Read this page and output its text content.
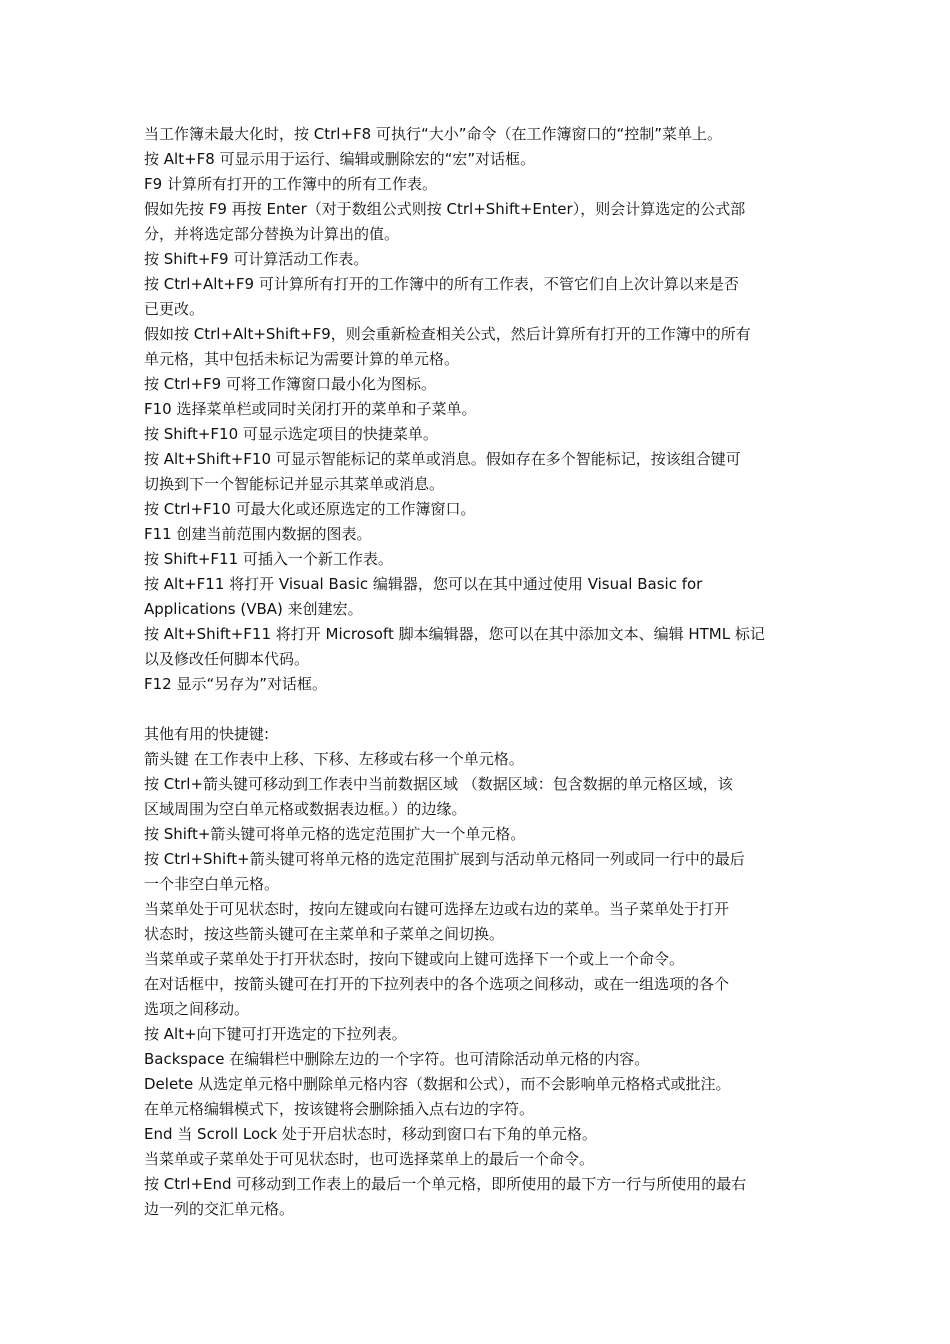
当工作簿未最大化时，按 Ctrl+F8 可执行“大小”命令（在工作簿窗口的“控制”菜单上。
按 Alt+F8 可显示用于运行、编辑或删除宏的“宏”对话框。
F9 计算所有打开的工作簿中的所有工作表。
假如先按 F9 再按 Enter（对于数组公式则按 Ctrl+Shift+Enter），则会计算选定的公式部
分，并将选定部分替换为计算出的值。
按 Shift+F9 可计算活动工作表。
按 Ctrl+Alt+F9 可计算所有打开的工作簿中的所有工作表，不管它们自上次计算以来是否
已更改。
假如按 Ctrl+Alt+Shift+F9，则会重新检查相关公式，然后计算所有打开的工作簿中的所有
单元格，其中包括未标记为需要计算的单元格。
按 Ctrl+F9 可将工作簿窗口最小化为图标。
F10 选择菜单栏或同时关闭打开的菜单和子菜单。
按 Shift+F10 可显示选定项目的快捷菜单。
按 Alt+Shift+F10 可显示智能标记的菜单或消息。假如存在多个智能标记，按该组合键可
切换到下一个智能标记并显示其菜单或消息。
按 Ctrl+F10 可最大化或还原选定的工作簿窗口。
F11 创建当前范围内数据的图表。
按 Shift+F11 可插入一个新工作表。
按 Alt+F11 将打开 Visual Basic 编辑器，您可以在其中通过使用 Visual Basic for
Applications (VBA) 来创建宏。
按 Alt+Shift+F11 将打开 Microsoft 脚本编辑器，您可以在其中添加文本、编辑 HTML 标记
以及修改任何脚本代码。
F12 显示“另存为”对话框。
其他有用的快捷键:
箭头键 在工作表中上移、下移、左移或右移一个单元格。
按 Ctrl+箭头键可移动到工作表中当前数据区域 （数据区域：包含数据的单元格区域，该
区域周围为空白单元格或数据表边框。）的边缘。
按 Shift+箭头键可将单元格的选定范围扩大一个单元格。
按 Ctrl+Shift+箭头键可将单元格的选定范围扩展到与活动单元格同一列或同一行中的最后
一个非空白单元格。
当菜单处于可见状态时，按向左键或向右键可选择左边或右边的菜单。当子菜单处于打开
状态时，按这些箭头键可在主菜单和子菜单之间切换。
当菜单或子菜单处于打开状态时，按向下键或向上键可选择下一个或上一个命令。
在对话框中，按箭头键可在打开的下拉列表中的各个选项之间移动，或在一组选项的各个
选项之间移动。
按 Alt+向下键可打开选定的下拉列表。
Backspace 在编辑栏中删除左边的一个字符。也可清除活动单元格的内容。
Delete 从选定单元格中删除单元格内容（数据和公式），而不会影响单元格格式或批注。
在单元格编辑模式下，按该键将会删除插入点右边的字符。
End 当 Scroll Lock 处于开启状态时，移动到窗口右下角的单元格。
当菜单或子菜单处于可见状态时，也可选择菜单上的最后一个命令。
按 Ctrl+End 可移动到工作表上的最后一个单元格，即所使用的最下方一行与所使用的最右
边一列的交汇单元格。
